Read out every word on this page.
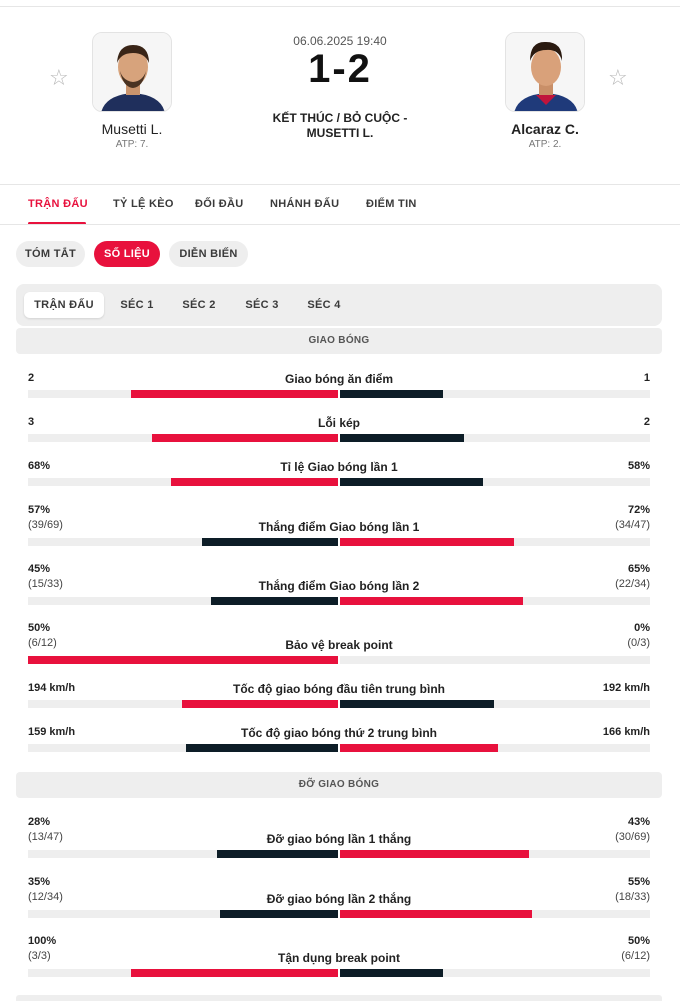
☆
Musetti L.
ATP: 7.
06.06.2025 19:40
1-2
KẾT THÚC / BỎ CUỘC -
MUSETTI L.	Alcaraz C.
ATP: 2.
☆
TRẬN ĐẤU TỶ LỆ KÈO ĐỐI ĐẦU NHÁNH ĐẤU ĐIỂM TIN
TÓM TẮT	SỐ LIỆU	DIỄN BIẾN
TRẬN ĐẤU	SÉC 1	SÉC 2	SÉC 3	SÉC 4
GIAO BÓNG
2	1
Giao bóng ăn điểm
3	2
Lỗi kép
68%	58%
Tỉ lệ Giao bóng lần 1
57%	72%
(39/69)	(34/47)
Thắng điểm Giao bóng lần 1
45%	65%
(15/33)	(22/34)
Thắng điểm Giao bóng lần 2
50%	0%
(6/12)	(0/3)
Bảo vệ break point
194 km/h	192 km/h
Tốc độ giao bóng đầu tiên trung bình
159 km/h	166 km/h
Tốc độ giao bóng thứ 2 trung bình
ĐỠ GIAO BÓNG
28%	43%
(13/47)	(30/69)
Đỡ giao bóng lần 1 thắng
35%	55%
(12/34)	(18/33)
Đỡ giao bóng lần 2 thắng
100%	50%
(3/3)	(6/12)
Tận dụng break point
